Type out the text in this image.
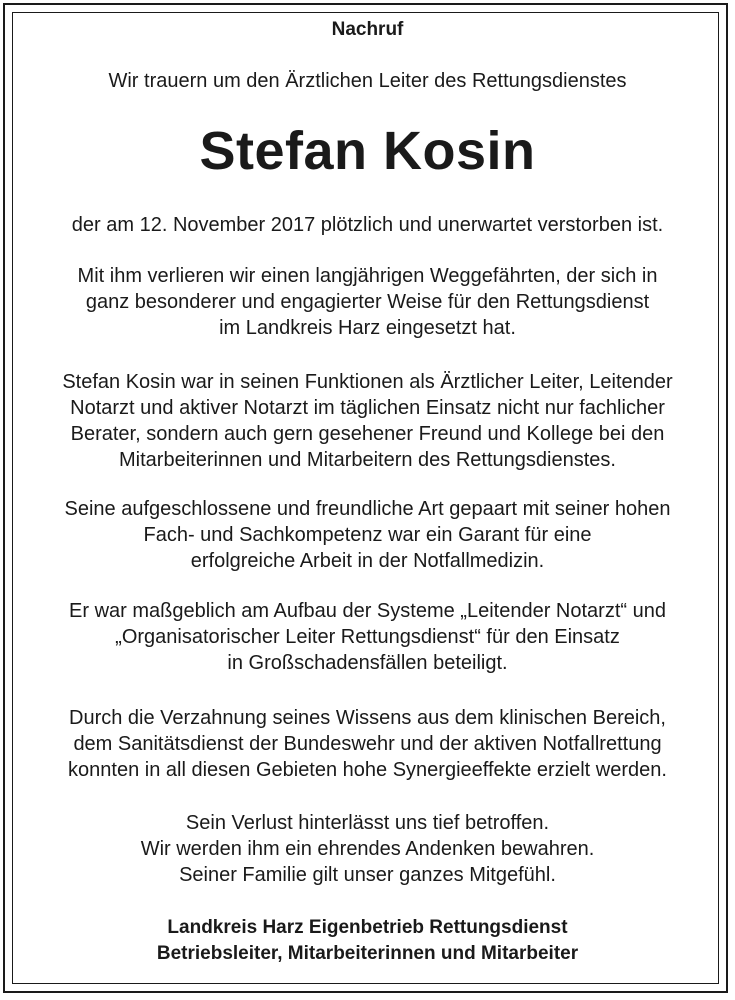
Nachruf
Wir trauern um den Ärztlichen Leiter des Rettungsdienstes
Stefan Kosin
der am 12. November 2017 plötzlich und unerwartet verstorben ist.
Mit ihm verlieren wir einen langjährigen Weggefährten, der sich in
ganz besonderer und engagierter Weise für den Rettungsdienst
im Landkreis Harz eingesetzt hat.
Stefan Kosin war in seinen Funktionen als Ärztlicher Leiter, Leitender
Notarzt und aktiver Notarzt im täglichen Einsatz nicht nur fachlicher
Berater, sondern auch gern gesehener Freund und Kollege bei den
Mitarbeiterinnen und Mitarbeitern des Rettungsdienstes.
Seine aufgeschlossene und freundliche Art gepaart mit seiner hohen
Fach- und Sachkompetenz war ein Garant für eine
erfolgreiche Arbeit in der Notfallmedizin.
Er war maßgeblich am Aufbau der Systeme „Leitender Notarzt“ und
„Organisatorischer Leiter Rettungsdienst“ für den Einsatz
in Großschadensfällen beteiligt.
Durch die Verzahnung seines Wissens aus dem klinischen Bereich,
dem Sanitätsdienst der Bundeswehr und der aktiven Notfallrettung
konnten in all diesen Gebieten hohe Synergieeffekte erzielt werden.
Sein Verlust hinterlässt uns tief betroffen.
Wir werden ihm ein ehrendes Andenken bewahren.
Seiner Familie gilt unser ganzes Mitgefühl.
Landkreis Harz Eigenbetrieb Rettungsdienst
Betriebsleiter, Mitarbeiterinnen und Mitarbeiter
